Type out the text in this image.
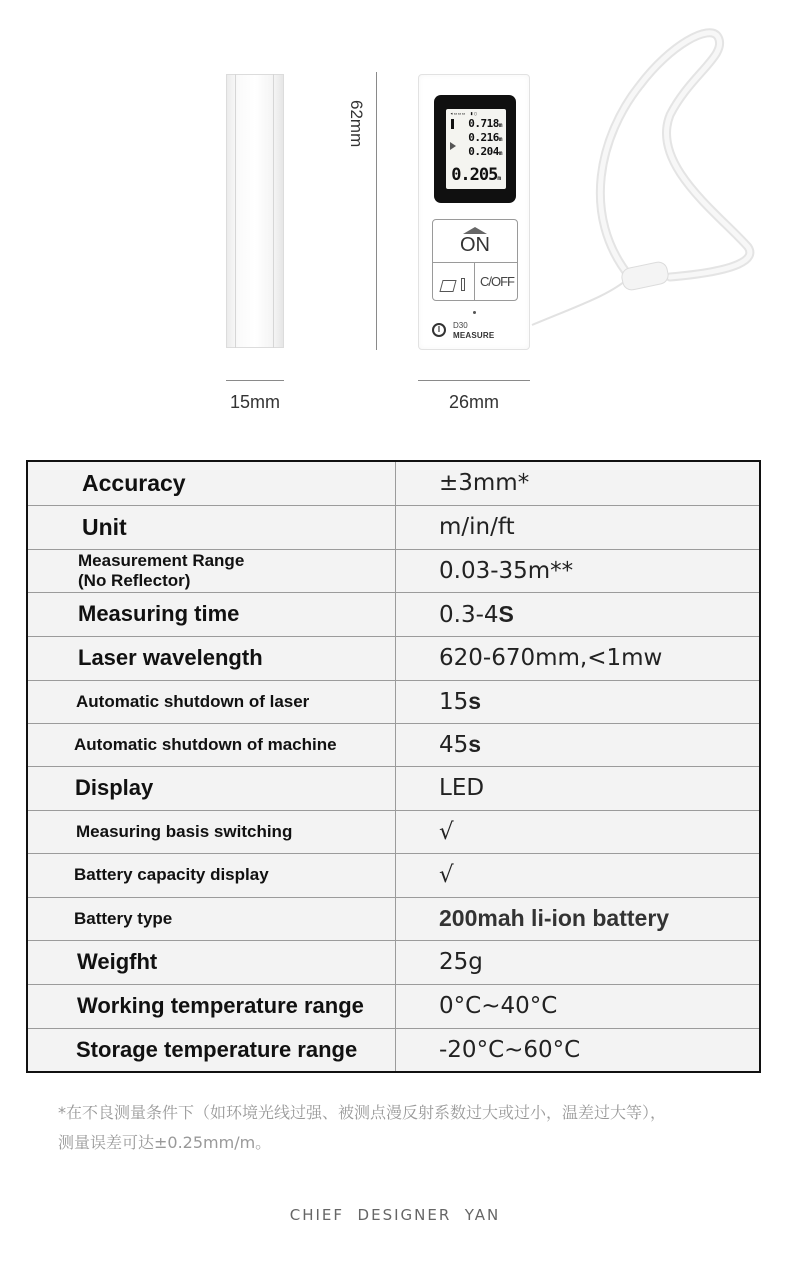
62mm	◂▭▭▭ ▮▯
0.718m
0.216m
0.204m
0.205m
ON
C/OFF
I	D30
MEASURE
15mm	26mm
Accuracy	±3mm*

Unit	m/in/ft

Measurement Range
(No Reflector)	0.03-35m**

Measuring time	0.3-4S

Laser wavelength	620-670mm,<1mw

Automatic shutdown of laser	15s

Automatic shutdown of machine	45s

Display	LED

Measuring basis switching	√

Battery capacity display	√

Battery type	200mah li-ion battery

Weigfht	25g

Working temperature range	0°C~40°C

Storage temperature range	-20°C~60°C
*在不良测量条件下（如环境光线过强、被测点漫反射系数过大或过小，温差过大等），
测量误差可达±0.25mm/m。
CHIEF  DESIGNER  YAN
